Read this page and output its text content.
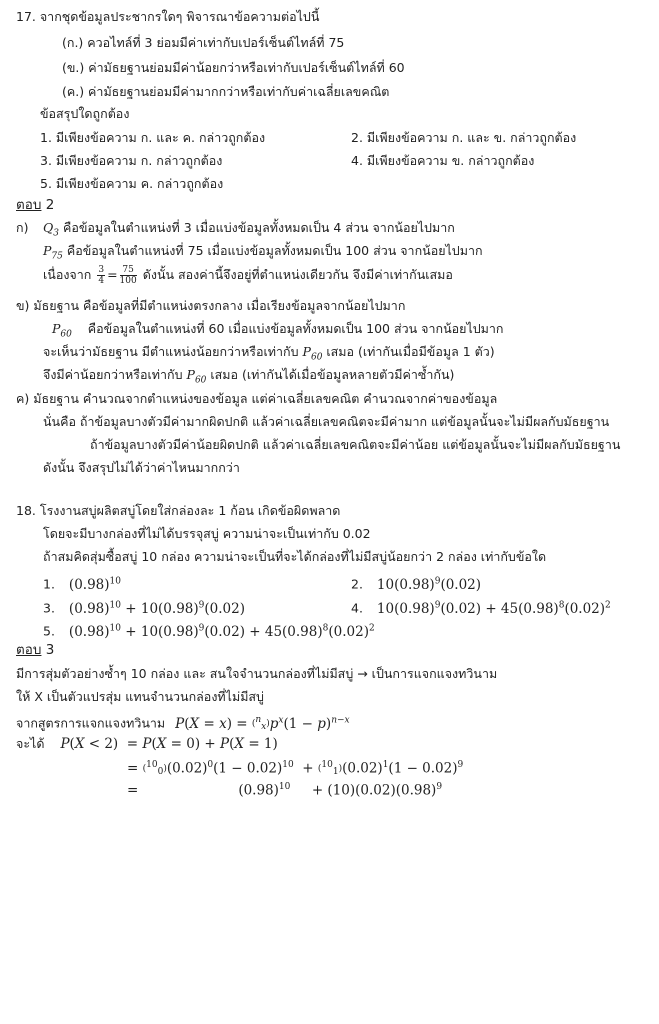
17. จากชุดข้อมูลประชากรใดๆ พิจารณาข้อความต่อไปนี้
(ก.) ควอไทล์ที่ 3 ย่อมมีค่าเท่ากับเปอร์เซ็นต์ไทล์ที่ 75
(ข.) ค่ามัธยฐานย่อมมีค่าน้อยกว่าหรือเท่ากับเปอร์เซ็นต์ไทล์ที่ 60
(ค.) ค่ามัธยฐานย่อมมีค่ามากกว่าหรือเท่ากับค่าเฉลี่ยเลขคณิต
ข้อสรุปใดถูกต้อง
1. มีเพียงข้อความ ก. และ ค. กล่าวถูกต้อง	2. มีเพียงข้อความ ก. และ ข. กล่าวถูกต้อง
3. มีเพียงข้อความ ก. กล่าวถูกต้อง	4. มีเพียงข้อความ ข. กล่าวถูกต้อง
5. มีเพียงข้อความ ค. กล่าวถูกต้อง
ตอบ 2
ก) $Q_3$ คือข้อมูลในตำแหน่งที่ 3 เมื่อแบ่งข้อมูลทั้งหมดเป็น 4 ส่วน จากน้อยไปมาก
$P_{75}$ คือข้อมูลในตำแหน่งที่ 75 เมื่อแบ่งข้อมูลทั้งหมดเป็น 100 ส่วน จากน้อยไปมาก
เนื่องจาก $\frac{3}{4} = \frac{75}{100}$ ดังนั้น สองค่านี้จึงอยู่ที่ตำแหน่งเดียวกัน จึงมีค่าเท่ากันเสมอ
ข) มัธยฐาน คือข้อมูลที่มีตำแหน่งตรงกลาง เมื่อเรียงข้อมูลจากน้อยไปมาก
$P_{60}$ คือข้อมูลในตำแหน่งที่ 60 เมื่อแบ่งข้อมูลทั้งหมดเป็น 100 ส่วน จากน้อยไปมาก
จะเห็นว่ามัธยฐาน มีตำแหน่งน้อยกว่าหรือเท่ากับ $P_{60}$ เสมอ (เท่ากันเมื่อมีข้อมูล 1 ตัว)
จึงมีค่าน้อยกว่าหรือเท่ากับ $P_{60}$ เสมอ (เท่ากันได้เมื่อข้อมูลหลายตัวมีค่าซ้ำกัน)
ค) มัธยฐาน คำนวณจากตำแหน่งของข้อมูล แต่ค่าเฉลี่ยเลขคณิต คำนวณจากค่าของข้อมูล
นั่นคือ ถ้าข้อมูลบางตัวมีค่ามากผิดปกติ แล้วค่าเฉลี่ยเลขคณิตจะมีค่ามาก แต่ข้อมูลนั้นจะไม่มีผลกับมัธยฐาน
ถ้าข้อมูลบางตัวมีค่าน้อยผิดปกติ แล้วค่าเฉลี่ยเลขคณิตจะมีค่าน้อย แต่ข้อมูลนั้นจะไม่มีผลกับมัธยฐาน
ดังนั้น จึงสรุปไม่ได้ว่าค่าไหนมากกว่า
18. โรงงานสบู่ผลิตสบู่โดยใส่กล่องละ 1 ก้อน เกิดข้อผิดพลาด
โดยจะมีบางกล่องที่ไม่ได้บรรจุสบู่ ความน่าจะเป็นเท่ากับ 0.02
ถ้าสมคิดสุ่มซื้อสบู่ 10 กล่อง ความน่าจะเป็นที่จะได้กล่องที่ไม่มีสบู่น้อยกว่า 2 กล่อง เท่ากับข้อใด
1. $(0.98)^{10}$	2. $10(0.98)^9(0.02)$
3. $(0.98)^{10} + 10(0.98)^9(0.02)$	4. $10(0.98)^9(0.02) + 45(0.98)^8(0.02)^2$
5. $(0.98)^{10} + 10(0.98)^9(0.02) + 45(0.98)^8(0.02)^2$
ตอบ 3
มีการสุ่มตัวอย่างซ้ำๆ 10 กล่อง และ สนใจจำนวนกล่องที่ไม่มีสบู่ → เป็นการแจกแจงทวินาม
ให้ X เป็นตัวแปรสุ่ม แทนจำนวนกล่องที่ไม่มีสบู่
จากสูตรการแจกแจงทวินาม $P(X = x) = (^n_x)p^x(1 - p)^{n-x}$
จะได้ P(X < 2)  = P(X = 0) + P(X = 1)
= $(^{10}_0)(0.02)^0(1 - 0.02)^{10} + (^{10}_1)(0.02)^1(1 - 0.02)^9$
=	$(0.98)^{10}$     + $(10)(0.02)(0.98)^9$
